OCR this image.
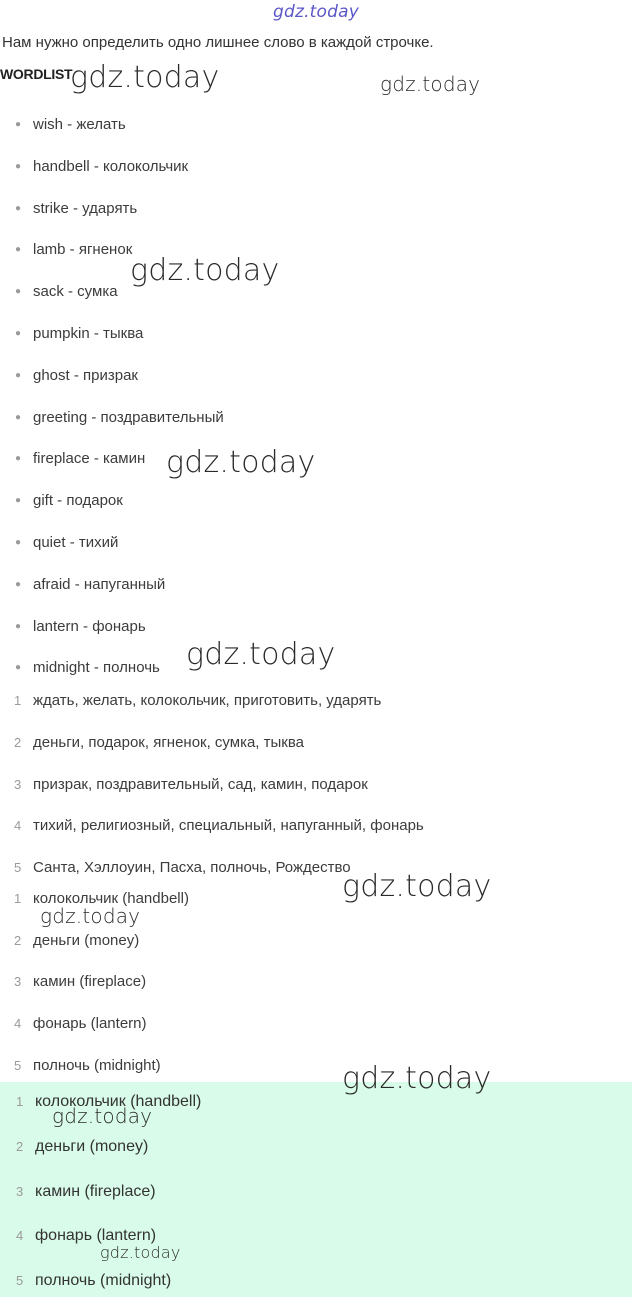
gdz.today
Нам нужно определить одно лишнее слово в каждой строчке.
WORDLIST
● wish - желать
● handbell - колокольчик
● strike - ударять
● lamb - ягненок
● sack - сумка
● pumpkin - тыква
● ghost - призрак
● greeting - поздравительный
● fireplace - камин
● gift - подарок
● quiet - тихий
● afraid - напуганный
● lantern - фонарь
● midnight - полночь
1 ждать, желать, колокольчик, приготовить, ударять
2 деньги, подарок, ягненок, сумка, тыква
3 призрак, поздравительный, сад, камин, подарок
4 тихий, религиозный, специальный, напуганный, фонарь
5 Санта, Хэллоуин, Пасха, полночь, Рождество
1 колокольчик (handbell)
2 деньги (money)
3 камин (fireplace)
4 фонарь (lantern)
5 полночь (midnight)
1 колокольчик (handbell)
2 деньги (money)
3 камин (fireplace)
4 фонарь (lantern)
5 полночь (midnight)
gdz.today	gdz.today
gdz.today
gdz.today
gdz.today
gdz.today
gdz.today
gdz.today
gdz.today
gdz.today
